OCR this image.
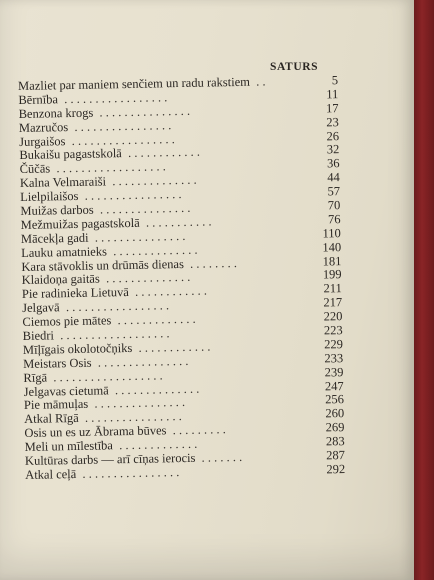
SATURS
Mazliet par maniem senčiem un radu rakstiem . .	5
Bērnība . . . . . . . . . . . . . . . . .	11
Benzona krogs . . . . . . . . . . . . . . .	17
Mazručos . . . . . . . . . . . . . . . .	23
Jurgaišos . . . . . . . . . . . . . . . . .	26
Bukaišu pagastskolā . . . . . . . . . . . .	32
Čūčās . . . . . . . . . . . . . . . . . .	36
Kalna Velmaraiši . . . . . . . . . . . . . .	44
Lielpilaišos . . . . . . . . . . . . . . . .	57
Muižas darbos . . . . . . . . . . . . . . .	70
Mežmuižas pagastskolā . . . . . . . . . . .	76
Mācekļa gadi . . . . . . . . . . . . . . .	110
Lauku amatnieks . . . . . . . . . . . . . .	140
Kara stāvoklis un drūmās dienas . . . . . . . .	181
Klaidoņa gaitās . . . . . . . . . . . . . .	199
Pie radinieka Lietuvā . . . . . . . . . . . .	211
Jelgavā . . . . . . . . . . . . . . . . .	217
Ciemos pie mātes . . . . . . . . . . . . .	220
Biedri . . . . . . . . . . . . . . . . . .	223
Mīļīgais okolotočņiks . . . . . . . . . . . .	229
Meistars Osis . . . . . . . . . . . . . . .	233
Rīgā . . . . . . . . . . . . . . . . . .	239
Jelgavas cietumā . . . . . . . . . . . . . .	247
Pie māmuļas . . . . . . . . . . . . . . .	256
Atkal Rīgā . . . . . . . . . . . . . . . .	260
Osis un es uz Ābrama būves . . . . . . . . .	269
Meli un mīlestība . . . . . . . . . . . . .	283
Kultūras darbs — arī cīņas ierocis . . . . . . .	287
Atkal ceļā . . . . . . . . . . . . . . . .	292
